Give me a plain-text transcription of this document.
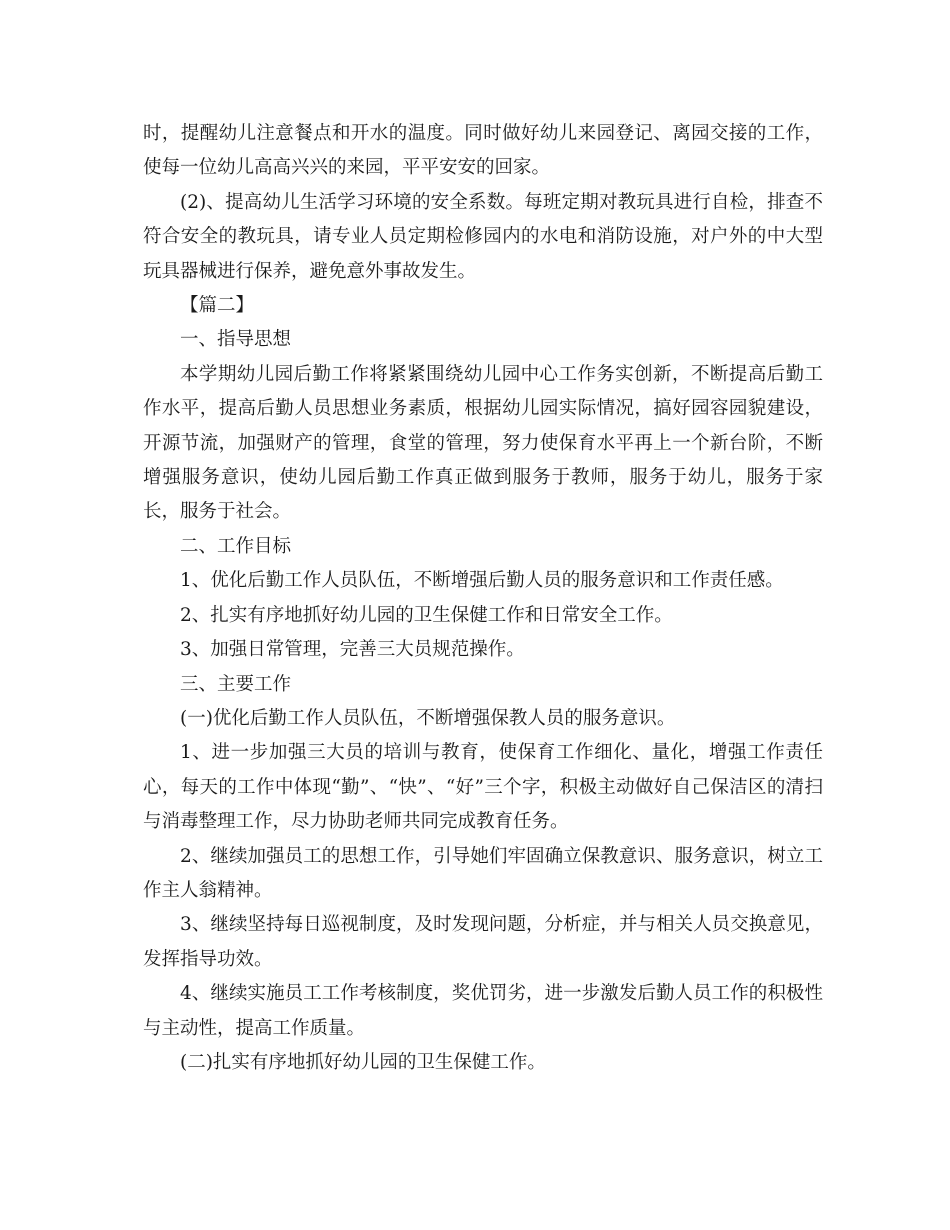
时，提醒幼儿注意餐点和开水的温度。同时做好幼儿来园登记、离园交接的工作，使每一位幼儿高高兴兴的来园，平平安安的回家。

(2)、提高幼儿生活学习环境的安全系数。每班定期对教玩具进行自检，排查不符合安全的教玩具，请专业人员定期检修园内的水电和消防设施，对户外的中大型玩具器械进行保养，避免意外事故发生。

【篇二】

一、指导思想

本学期幼儿园后勤工作将紧紧围绕幼儿园中心工作务实创新，不断提高后勤工作水平，提高后勤人员思想业务素质，根据幼儿园实际情况，搞好园容园貌建设，开源节流，加强财产的管理，食堂的管理，努力使保育水平再上一个新台阶，不断增强服务意识，使幼儿园后勤工作真正做到服务于教师，服务于幼儿，服务于家长，服务于社会。

二、工作目标

1、优化后勤工作人员队伍，不断增强后勤人员的服务意识和工作责任感。

2、扎实有序地抓好幼儿园的卫生保健工作和日常安全工作。

3、加强日常管理，完善三大员规范操作。

三、主要工作

(一)优化后勤工作人员队伍，不断增强保教人员的服务意识。

1、进一步加强三大员的培训与教育，使保育工作细化、量化，增强工作责任心，每天的工作中体现“勤”、“快”、“好”三个字，积极主动做好自己保洁区的清扫与消毒整理工作，尽力协助老师共同完成教育任务。

2、继续加强员工的思想工作，引导她们牢固确立保教意识、服务意识，树立工作主人翁精神。

3、继续坚持每日巡视制度，及时发现问题，分析症，并与相关人员交换意见，发挥指导功效。

4、继续实施员工工作考核制度，奖优罚劣，进一步激发后勤人员工作的积极性与主动性，提高工作质量。

(二)扎实有序地抓好幼儿园的卫生保健工作。
